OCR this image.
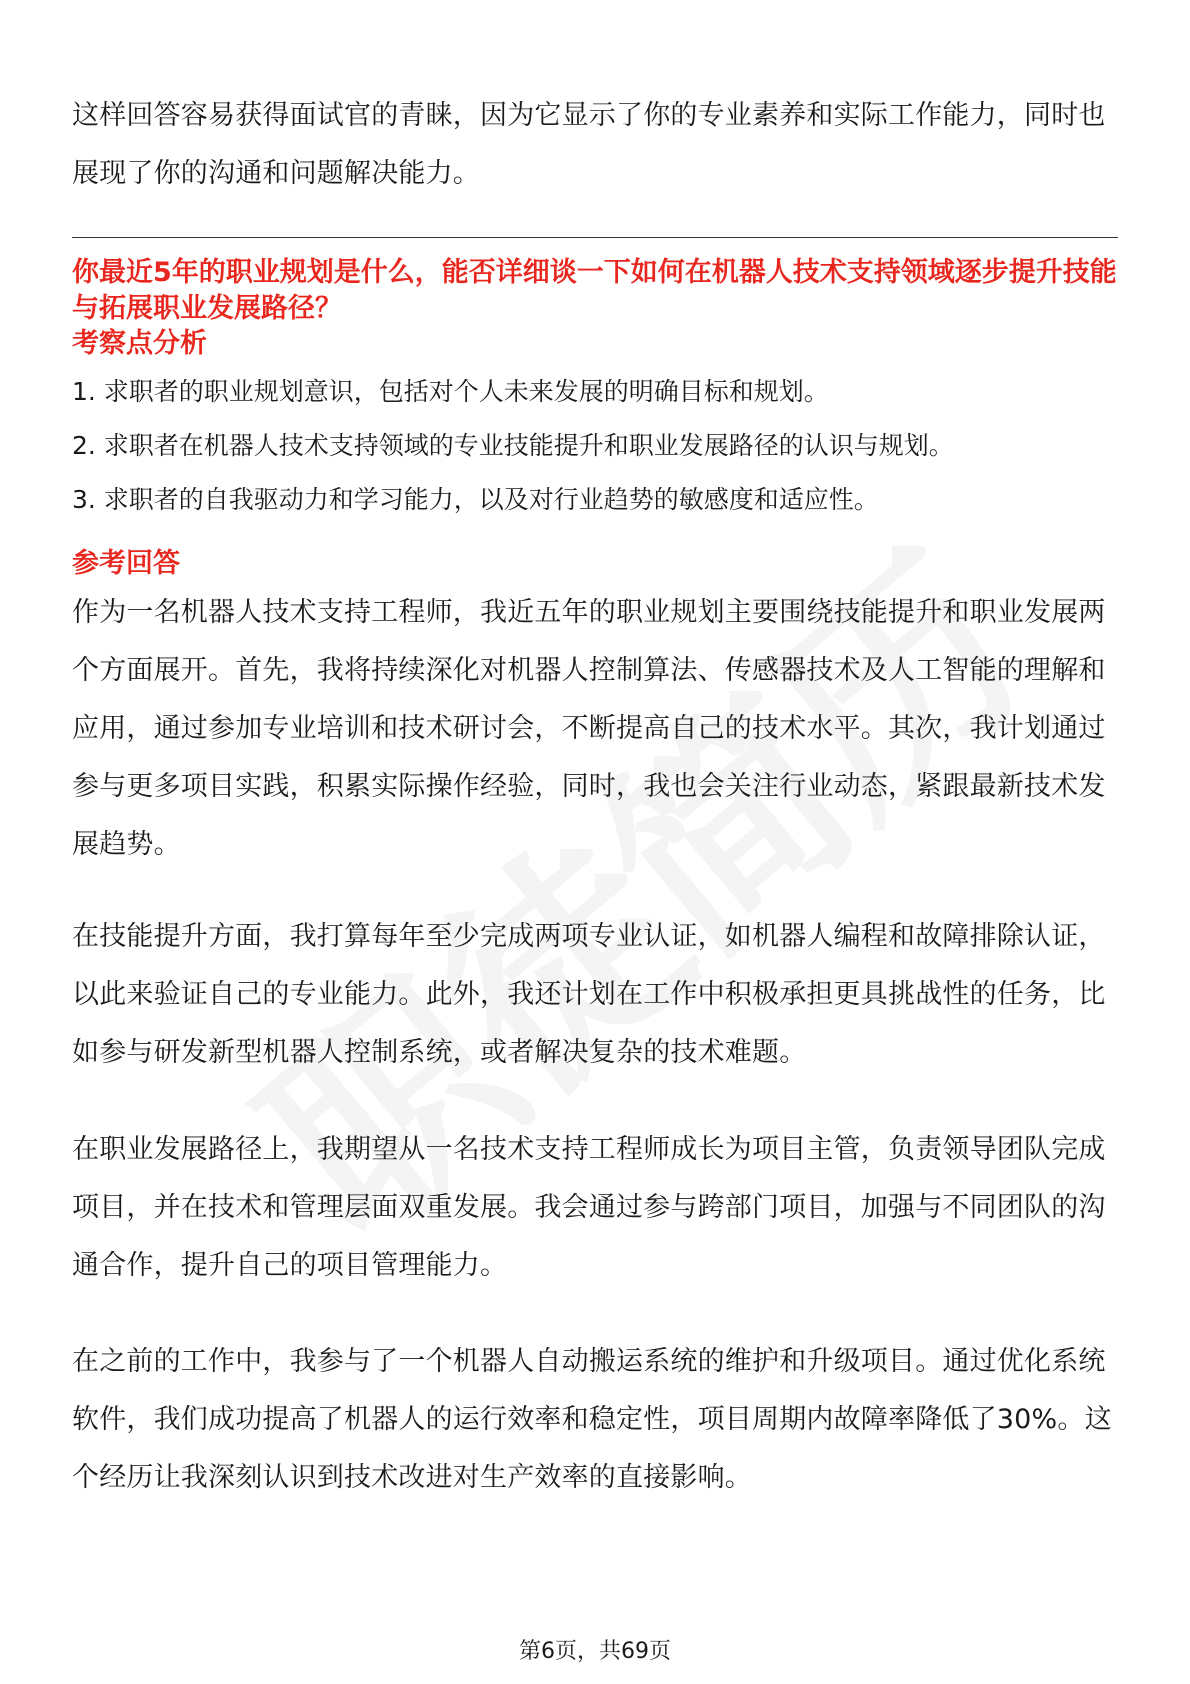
这样回答容易获得面试官的青睐，因为它显示了你的专业素养和实际工作能力，同时也展现了你的沟通和问题解决能力。

你最近5年的职业规划是什么，能否详细谈一下如何在机器人技术支持领域逐步提升技能与拓展职业发展路径？

考察点分析

1. 求职者的职业规划意识，包括对个人未来发展的明确目标和规划。

2. 求职者在机器人技术支持领域的专业技能提升和职业发展路径的认识与规划。

3. 求职者的自我驱动力和学习能力，以及对行业趋势的敏感度和适应性。

参考回答

作为一名机器人技术支持工程师，我近五年的职业规划主要围绕技能提升和职业发展两个方面展开。首先，我将持续深化对机器人控制算法、传感器技术及人工智能的理解和应用，通过参加专业培训和技术研讨会，不断提高自己的技术水平。其次，我计划通过参与更多项目实践，积累实际操作经验，同时，我也会关注行业动态，紧跟最新技术发展趋势。

在技能提升方面，我打算每年至少完成两项专业认证，如机器人编程和故障排除认证，以此来验证自己的专业能力。此外，我还计划在工作中积极承担更具挑战性的任务，比如参与研发新型机器人控制系统，或者解决复杂的技术难题。

在职业发展路径上，我期望从一名技术支持工程师成长为项目主管，负责领导团队完成项目，并在技术和管理层面双重发展。我会通过参与跨部门项目，加强与不同团队的沟通合作，提升自己的项目管理能力。

在之前的工作中，我参与了一个机器人自动搬运系统的维护和升级项目。通过优化系统软件，我们成功提高了机器人的运行效率和稳定性，项目周期内故障率降低了30%。这个经历让我深刻认识到技术改进对生产效率的直接影响。

第6页，共69页
